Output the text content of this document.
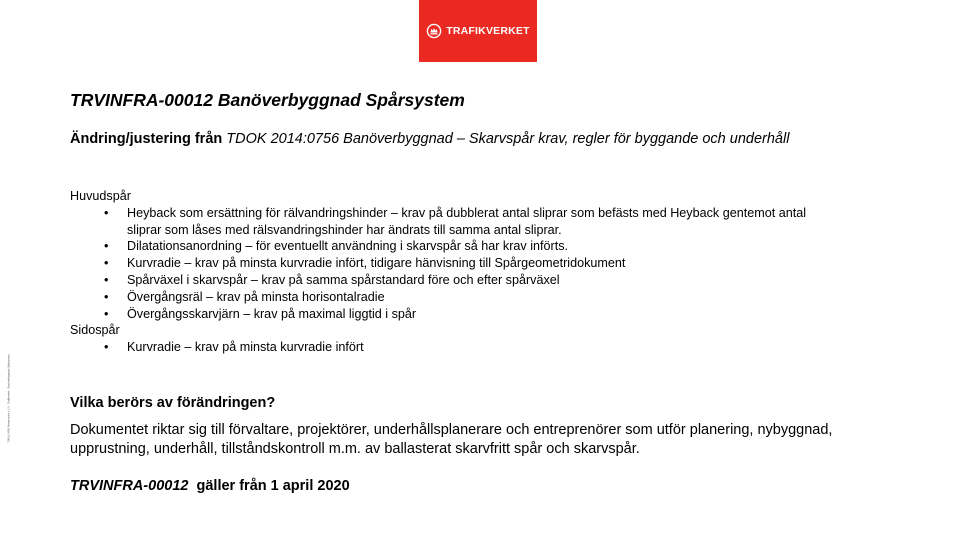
TRAFIKVERKET
TRVINFRA-00012 Banöverbyggnad Spårsystem
Ändring/justering från TDOK 2014:0756 Banöverbyggnad – Skarvspår krav, regler för byggande och underhåll
Huvudspår
• Heyback som ersättning för rälvandringshinder – krav på dubblerat antal sliprar som befästs med Heyback gentemot antal sliprar som låses med rälsvandringshinder har ändrats till samma antal sliprar.
• Dilatationsanordning – för eventuellt användning i skarvspår så har krav införts.
• Kurvradie – krav på minsta kurvradie infört, tidigare hänvisning till Spårgeometridokument
• Spårväxel i skarvspår – krav på samma spårstandard före och efter spårväxel
• Övergångsräl – krav på minsta horisontalradie
• Övergångsskarvjärn – krav på maximal liggtid i spår
Sidospår
• Kurvradie – krav på minsta kurvradie infört
Vilka berörs av förändringen?
Dokumentet riktar sig till förvaltare, projektörer, underhållsplanerare och entreprenörer som utför planering, nybyggnad, upprustning, underhåll, tillståndskontroll m.m. av ballasterat skarvfritt spår och skarvspår.
TRVINFRA-00012  gäller från 1 april 2020
TMALL 0095 Presentation v 1.0 · Trafikverket · Banöverbyggnad Spårsystem
